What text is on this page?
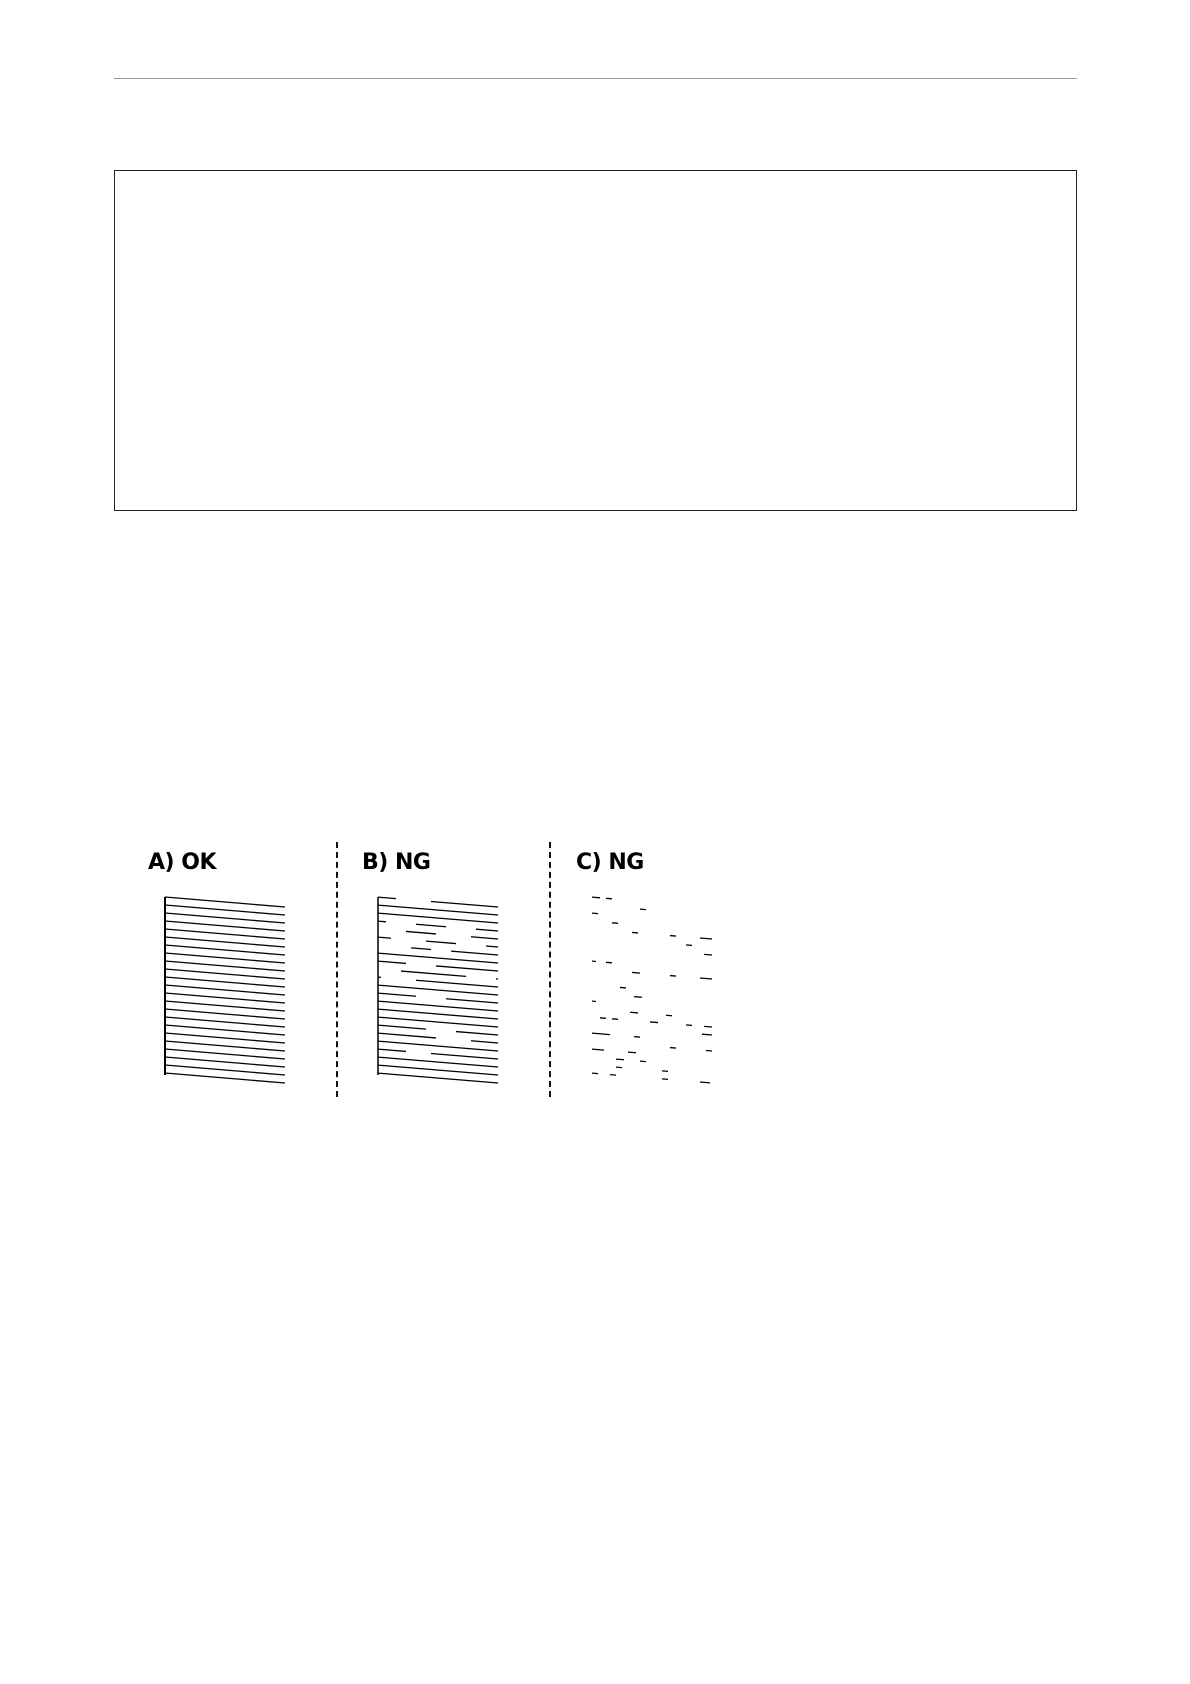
A) OK	B) NG	C) NG
